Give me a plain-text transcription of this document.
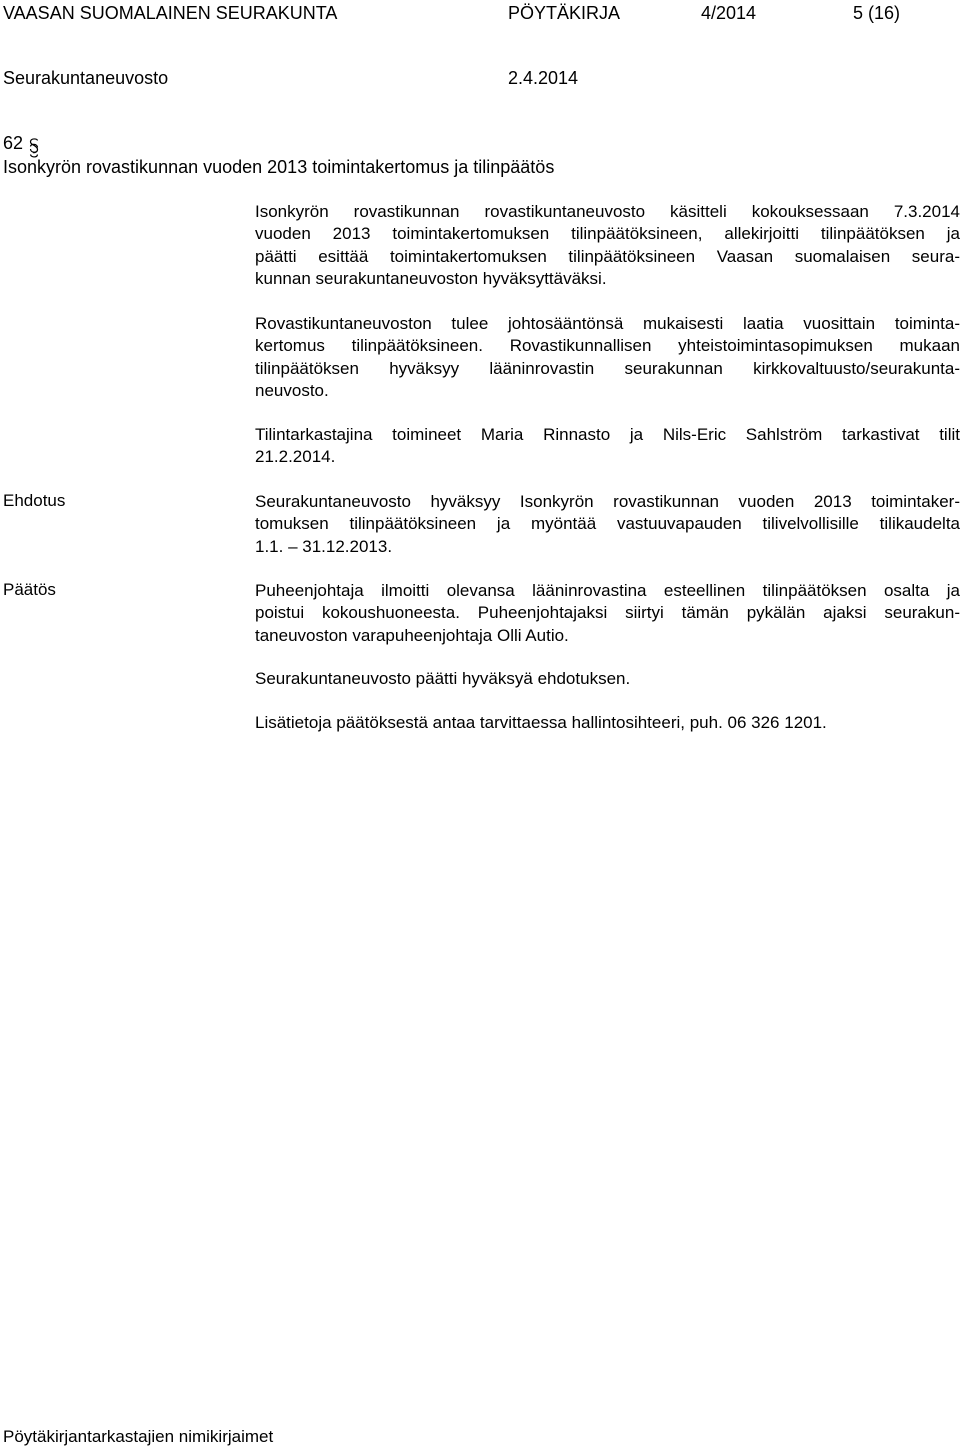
VAASAN SUOMALAINEN SEURAKUNTA	PÖYTÄKIRJA	4/2014	5 (16)
Seurakuntaneuvosto	2.4.2014
62
Isonkyrön rovastikunnan vuoden 2013 toimintakertomus ja tilinpäätös
Isonkyrön rovastikunnan rovastikuntaneuvosto käsitteli kokouksessaan 7.3.2014
vuoden 2013 toimintakertomuksen tilinpäätöksineen, allekirjoitti tilinpäätöksen ja
päätti esittää toimintakertomuksen tilinpäätöksineen Vaasan suomalaisen seura-
kunnan seurakuntaneuvoston hyväksyttäväksi.
Rovastikuntaneuvoston tulee johtosääntönsä mukaisesti laatia vuosittain toiminta-
kertomus tilinpäätöksineen. Rovastikunnallisen yhteistoimintasopimuksen mukaan
tilinpäätöksen hyväksyy lääninrovastin seurakunnan kirkkovaltuusto/seurakunta-
neuvosto.
Tilintarkastajina toimineet Maria Rinnasto ja Nils-Eric Sahlström tarkastivat tilit
21.2.2014.
Ehdotus	Seurakuntaneuvosto hyväksyy Isonkyrön rovastikunnan vuoden 2013 toimintaker-
tomuksen tilinpäätöksineen ja myöntää vastuuvapauden tilivelvollisille tilikaudelta
1.1. – 31.12.2013.
Päätös	Puheenjohtaja ilmoitti olevansa lääninrovastina esteellinen tilinpäätöksen osalta ja
poistui kokoushuoneesta. Puheenjohtajaksi siirtyi tämän pykälän ajaksi seurakun-
taneuvoston varapuheenjohtaja Olli Autio.
Seurakuntaneuvosto päätti hyväksyä ehdotuksen.
Lisätietoja päätöksestä antaa tarvittaessa hallintosihteeri, puh. 06 326 1201.
Pöytäkirjantarkastajien nimikirjaimet
